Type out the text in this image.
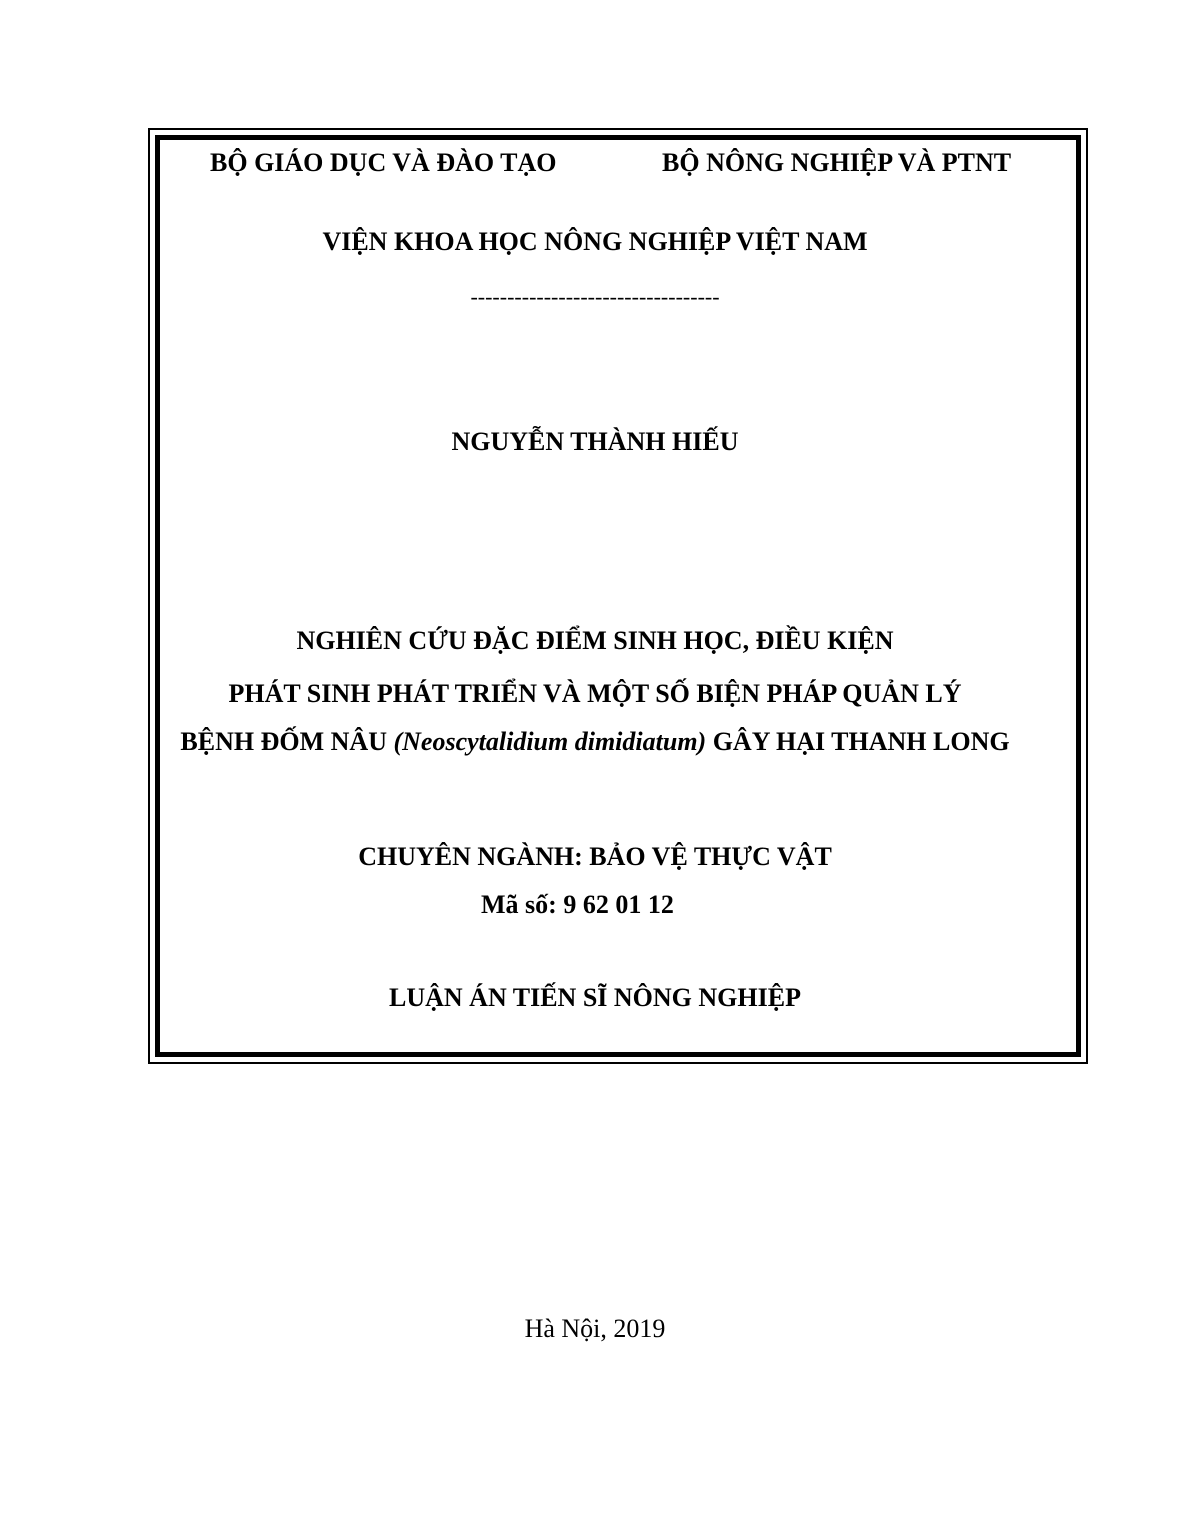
BỘ GIÁO DỤC VÀ ĐÀO TẠO	BỘ NÔNG NGHIỆP VÀ PTNT
VIỆN KHOA HỌC NÔNG NGHIỆP VIỆT NAM
----------------------------------
NGUYỄN THÀNH HIẾU
NGHIÊN CỨU ĐẶC ĐIỂM SINH HỌC, ĐIỀU KIỆN
PHÁT SINH PHÁT TRIỂN VÀ MỘT SỐ BIỆN PHÁP QUẢN LÝ
BỆNH ĐỐM NÂU (Neoscytalidium dimidiatum) GÂY HẠI THANH LONG
CHUYÊN NGÀNH: BẢO VỆ THỰC VẬT
Mã số: 9 62 01 12
LUẬN ÁN TIẾN SĨ NÔNG NGHIỆP
Hà Nội, 2019
